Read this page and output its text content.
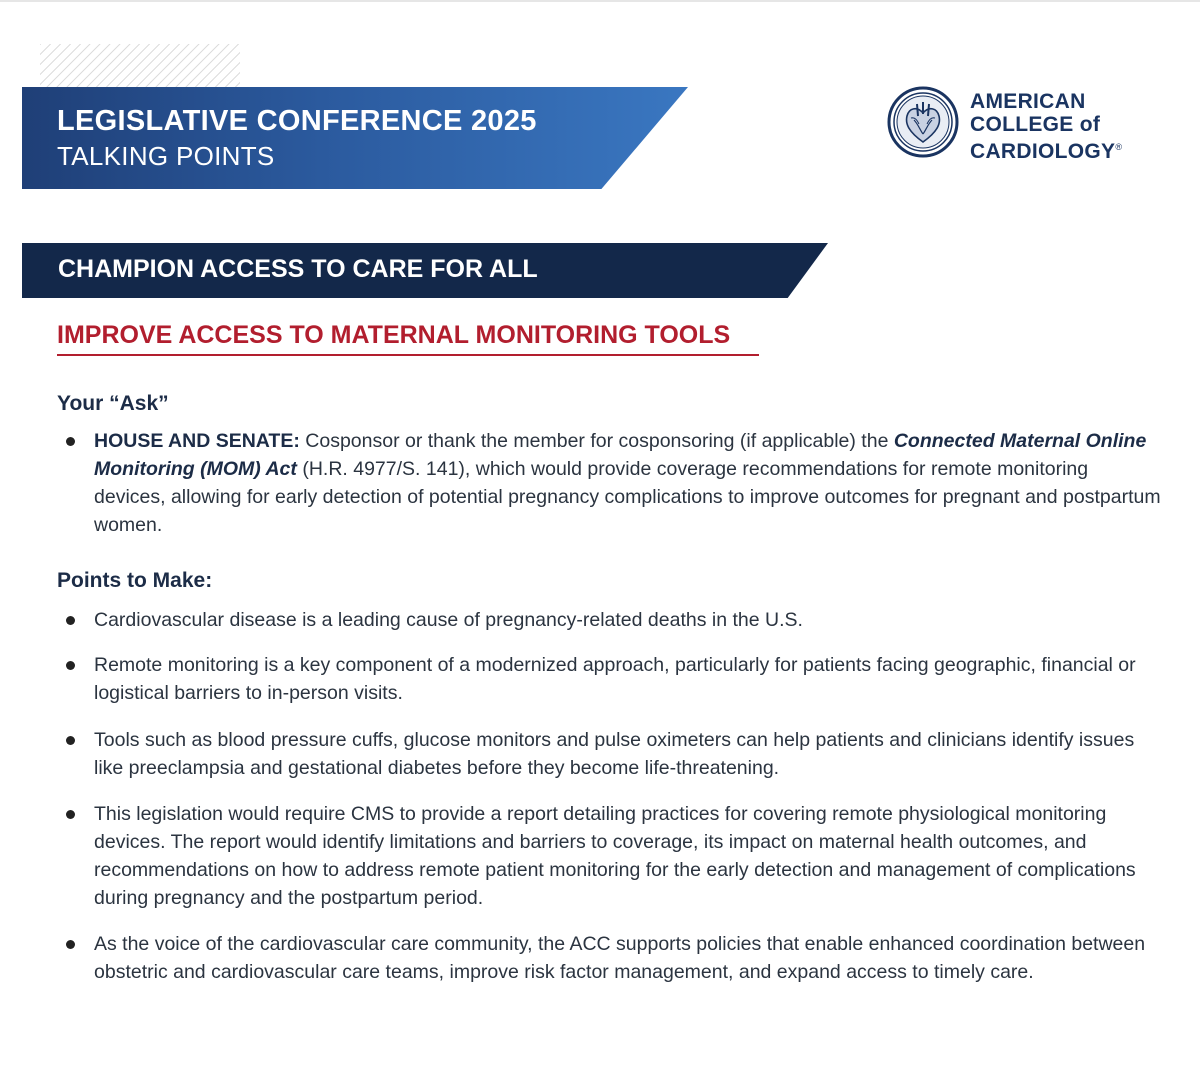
LEGISLATIVE CONFERENCE 2025
TALKING POINTS
AMERICAN
COLLEGE of
CARDIOLOGY®
CHAMPION ACCESS TO CARE FOR ALL
IMPROVE ACCESS TO MATERNAL MONITORING TOOLS
Your “Ask”
HOUSE AND SENATE: Cosponsor or thank the member for cosponsoring (if applicable) the Connected Maternal Online Monitoring (MOM) Act (H.R. 4977/S. 141), which would provide coverage recommendations for remote monitoring devices, allowing for early detection of potential pregnancy complications to improve outcomes for pregnant and postpartum women.
Points to Make:
Cardiovascular disease is a leading cause of pregnancy-related deaths in the U.S.
Remote monitoring is a key component of a modernized approach, particularly for patients facing geographic, financial or logistical barriers to in-person visits.
Tools such as blood pressure cuffs, glucose monitors and pulse oximeters can help patients and clinicians identify issues like preeclampsia and gestational diabetes before they become life-threatening.
This legislation would require CMS to provide a report detailing practices for covering remote physiological monitoring devices. The report would identify limitations and barriers to coverage, its impact on maternal health outcomes, and recommendations on how to address remote patient monitoring for the early detection and management of complications during pregnancy and the postpartum period.
As the voice of the cardiovascular care community, the ACC supports policies that enable enhanced coordination between obstetric and cardiovascular care teams, improve risk factor management, and expand access to timely care.
